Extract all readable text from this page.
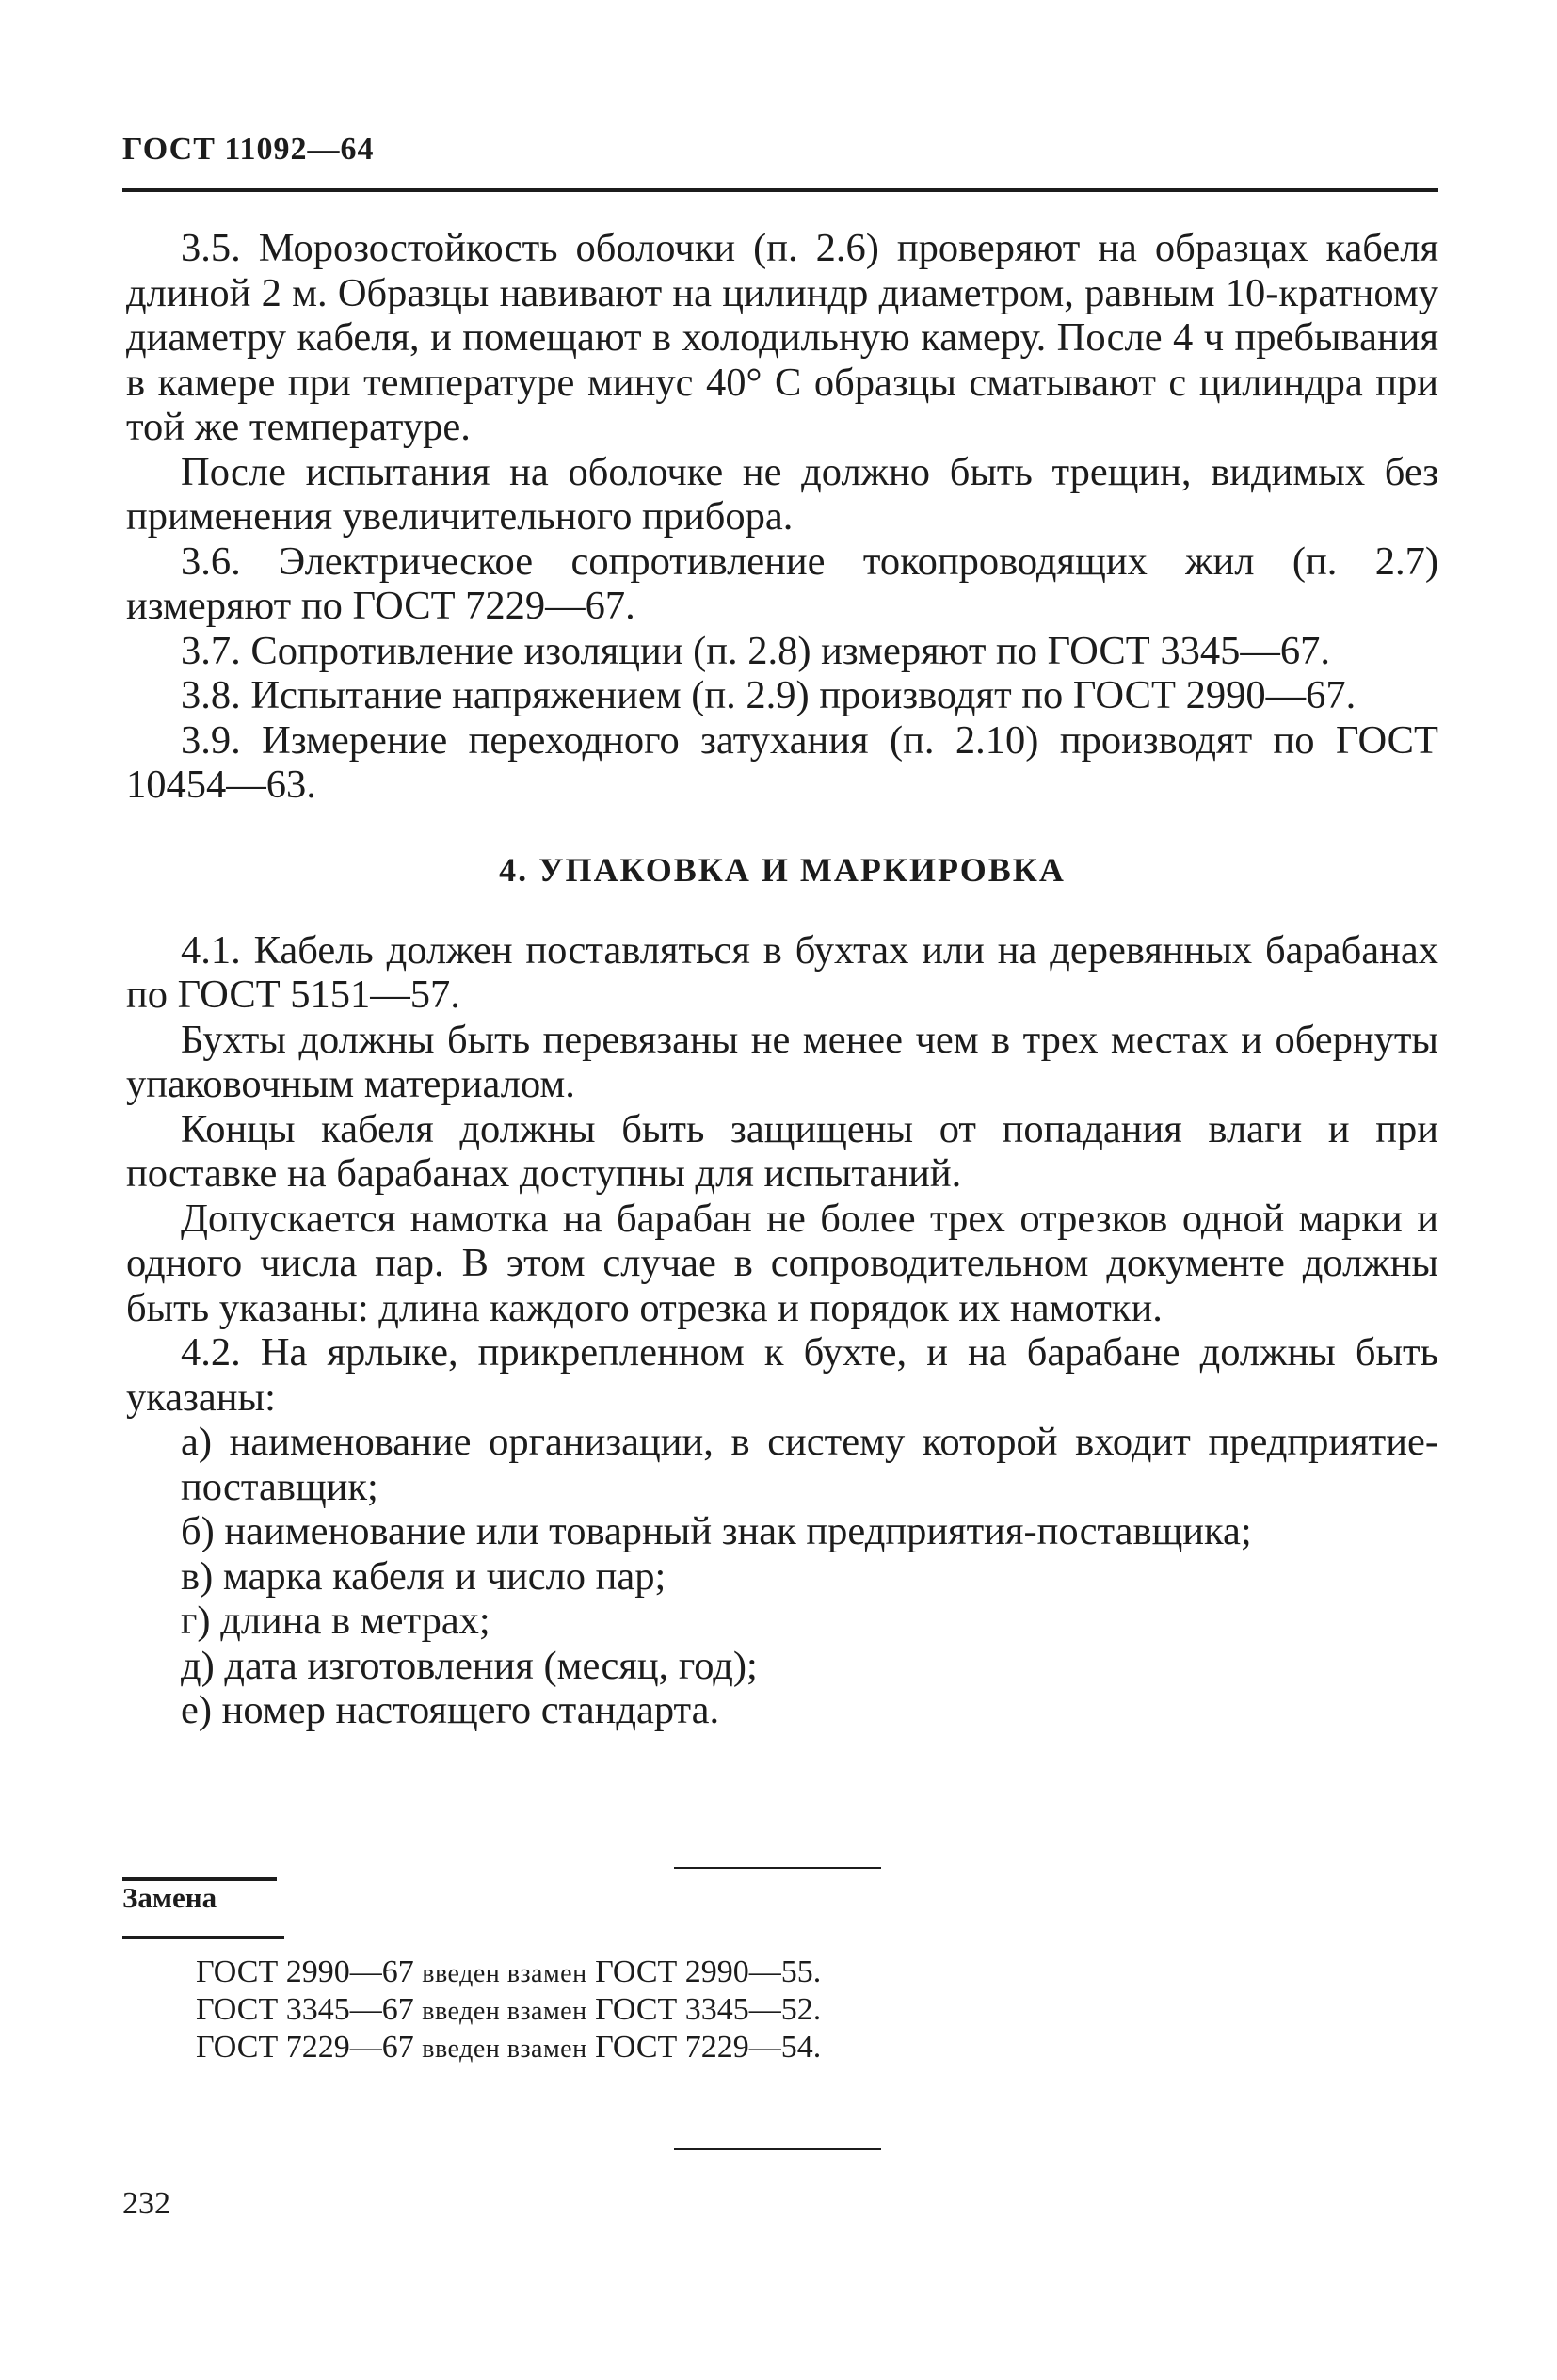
ГОСТ 11092—64

3.5. Морозостойкость оболочки (п. 2.6) проверяют на образцах кабеля длиной 2 м. Образцы навивают на цилиндр диаметром, равным 10-кратному диаметру кабеля, и помещают в холодильную камеру. После 4 ч пребывания в камере при температуре минус 40° С образцы сматывают с цилиндра при той же температуре.

После испытания на оболочке не должно быть трещин, видимых без применения увеличительного прибора.

3.6. Электрическое сопротивление токопроводящих жил (п. 2.7) измеряют по ГОСТ 7229—67.

3.7. Сопротивление изоляции (п. 2.8) измеряют по ГОСТ 3345—67.

3.8. Испытание напряжением (п. 2.9) производят по ГОСТ 2990—67.

3.9. Измерение переходного затухания (п. 2.10) производят по ГОСТ 10454—63.

4. УПАКОВКА И МАРКИРОВКА

4.1. Кабель должен поставляться в бухтах или на деревянных барабанах по ГОСТ 5151—57.

Бухты должны быть перевязаны не менее чем в трех местах и обернуты упаковочным материалом.

Концы кабеля должны быть защищены от попадания влаги и при поставке на барабанах доступны для испытаний.

Допускается намотка на барабан не более трех отрезков одной марки и одного числа пар. В этом случае в сопроводительном документе должны быть указаны: длина каждого отрезка и порядок их намотки.

4.2. На ярлыке, прикрепленном к бухте, и на барабане должны быть указаны:

а) наименование организации, в систему которой входит предприятие-поставщик;

б) наименование или товарный знак предприятия-поставщика;

в) марка кабеля и число пар;

г) длина в метрах;

д) дата изготовления (месяц, год);

е) номер настоящего стандарта.

Замена

ГОСТ 2990—67 введен взамен ГОСТ 2990—55.

ГОСТ 3345—67 введен взамен ГОСТ 3345—52.

ГОСТ 7229—67 введен взамен ГОСТ 7229—54.

232
